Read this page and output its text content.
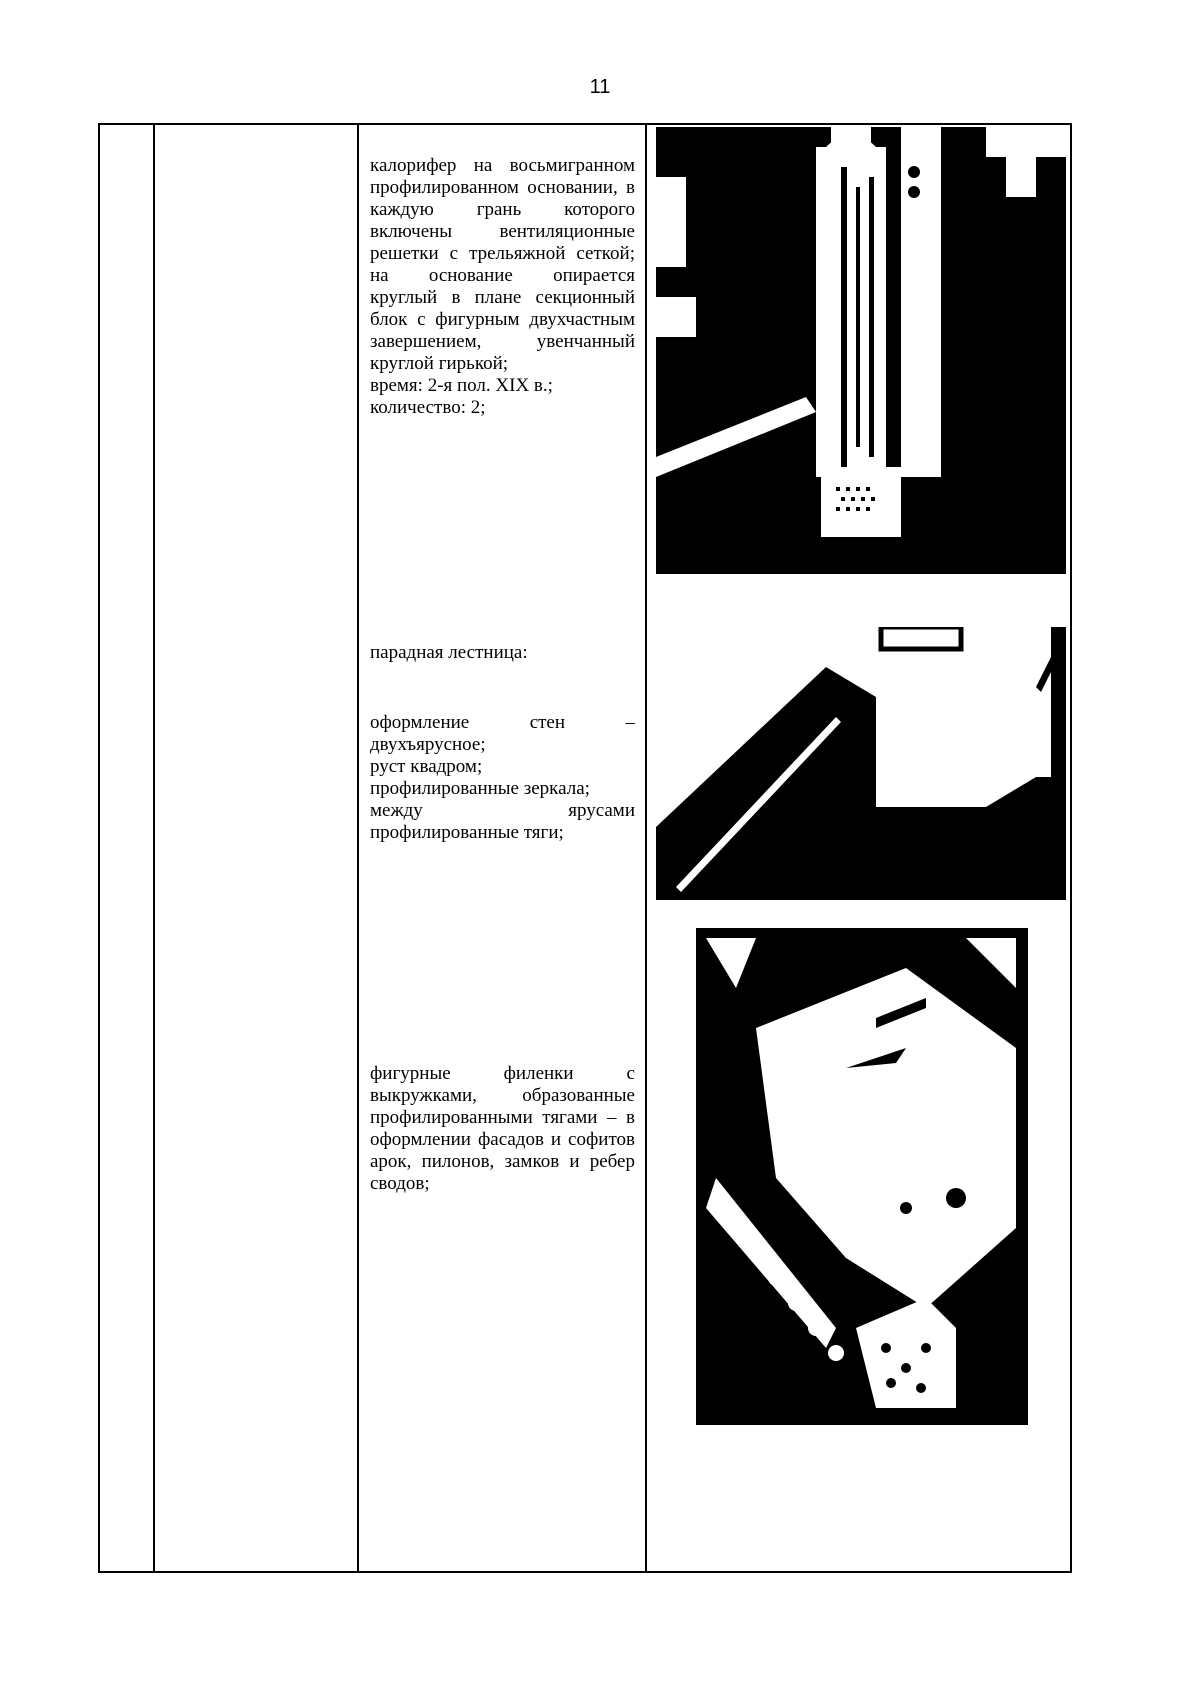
11

калорифер на восьмигранном профилированном основании, в каждую грань которого включены вентиляционные решетки с трельяжной сеткой; на основание опирается круглый в плане секционный блок с фигурным двухчастным завершением, увенчанный круглой гирькой;

время: 2-я пол. XIX в.;

количество: 2;

парадная лестница:

оформление стен – двухъярусное;

руст квадром;

профилированные зеркала;

между ярусами профилированные тяги;

фигурные филенки с выкружками, образованные профилированными тягами – в оформлении фасадов и софитов арок, пилонов, замков и ребер сводов;
